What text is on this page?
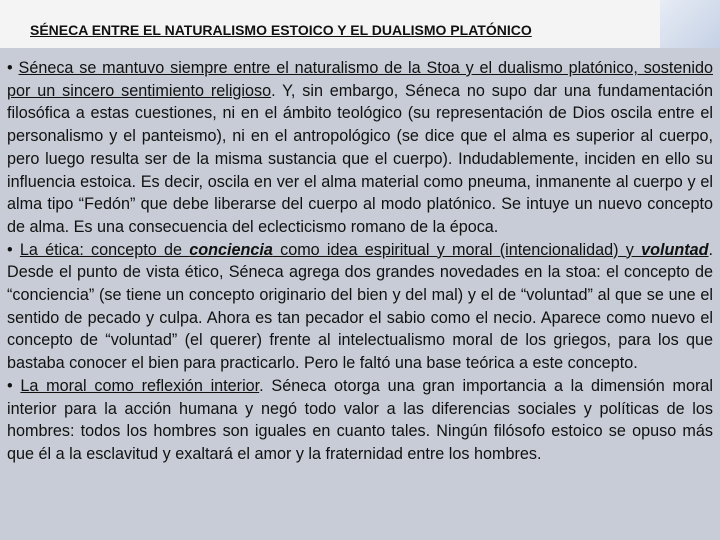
SÉNECA ENTRE EL NATURALISMO ESTOICO Y EL DUALISMO PLATÓNICO

• Séneca se mantuvo siempre entre el naturalismo de la Stoa y el dualismo platónico, sostenido por un sincero sentimiento religioso. Y, sin embargo, Séneca no supo dar una fundamentación filosófica a estas cuestiones, ni en el ámbito teológico (su representación de Dios oscila entre el personalismo y el panteismo), ni en el antropológico (se dice que el alma es superior al cuerpo, pero luego resulta ser de la misma sustancia que el cuerpo). Indudablemente, inciden en ello su influencia estoica. Es decir, oscila en ver el alma material como pneuma, inmanente al cuerpo y el alma tipo “Fedón” que debe liberarse del cuerpo al modo platónico. Se intuye un nuevo concepto de alma. Es una consecuencia del eclecticismo romano de la época.

• La ética: concepto de conciencia como idea espiritual y moral (intencionalidad) y voluntad. Desde el punto de vista ético, Séneca agrega dos grandes novedades en la stoa: el concepto de “conciencia” (se tiene un concepto originario del bien y del mal) y el de “voluntad” al que se une el sentido de pecado y culpa. Ahora es tan pecador el sabio como el necio. Aparece como nuevo el concepto de “voluntad” (el querer) frente al intelectualismo moral de los griegos, para los que bastaba conocer el bien para practicarlo. Pero le faltó una base teórica a este concepto.

• La moral como reflexión interior. Séneca otorga una gran importancia a la dimensión moral interior para la acción humana y negó todo valor a las diferencias sociales y políticas de los hombres: todos los hombres son iguales en cuanto tales. Ningún filósofo estoico se opuso más que él a la esclavitud y exaltará el amor y la fraternidad entre los hombres.
